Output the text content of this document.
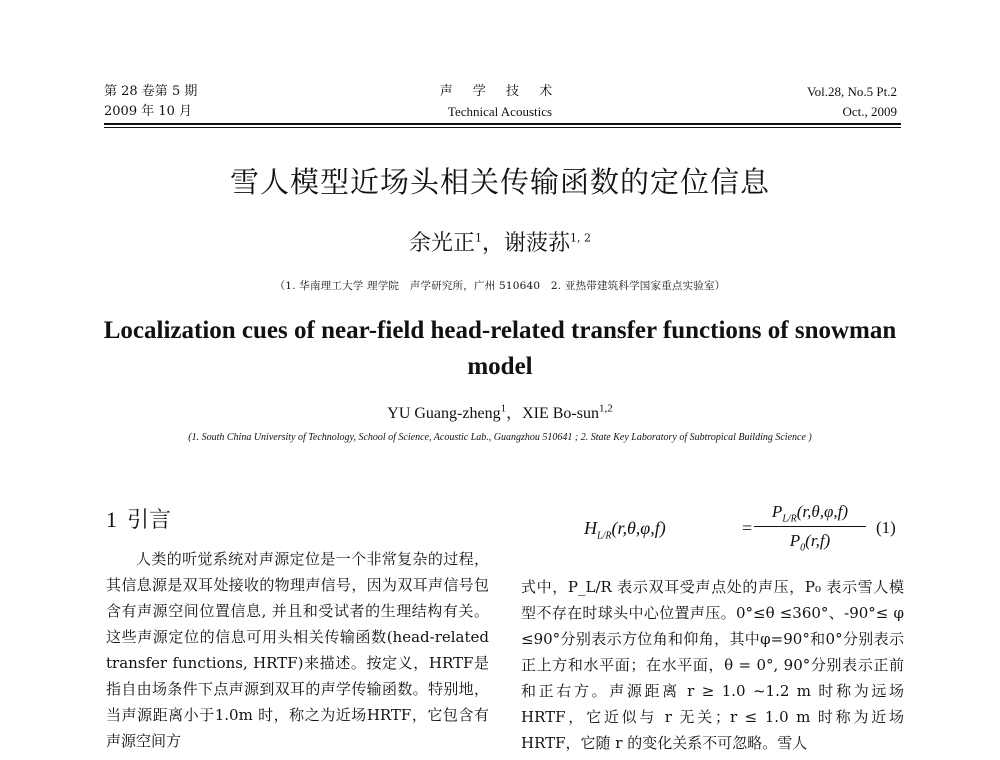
第 28 卷第 5 期
2009 年 10 月
声 学 技 术
Technical Acoustics
Vol.28, No.5 Pt.2
Oct., 2009
雪人模型近场头相关传输函数的定位信息
余光正$^1$，谢菠荪$^{1, 2}$
（1. 华南理工大学 理学院　声学研究所，广州 510640　2. 亚热带建筑科学国家重点实验室）
Localization cues of near-field head-related transfer functions of snowman model
YU Guang-zheng$^1$，XIE Bo-sun$^{1,2}$
(1. South China University of Technology, School of Science, Acoustic Lab., Guangzhou 510641 ; 2. State Key Laboratory of Subtropical Building Science )
1 引言

人类的听觉系统对声源定位是一个非常复杂的过程，其信息源是双耳处接收的物理声信号，因为双耳声信号包含有声源空间位置信息, 并且和受试者的生理结构有关。这些声源定位的信息可用头相关传输函数(head-related transfer functions, HRTF)来描述。按定义，HRTF是指自由场条件下点声源到双耳的声学传输函数。特别地，当声源距离小于1.0m 时，称之为近场HRTF，它包含有声源空间方

$H_{L/R}(r,\theta,\varphi,f)$	=
$P_{L/R}(r,\theta,\varphi,f)$
$P_0(r,f)$
(1)

式中，P_L/R 表示双耳受声点处的声压，P₀ 表示雪人模型不存在时球头中心位置声压。0°≤θ ≤360°、-90°≤ φ ≤90°分别表示方位角和仰角，其中φ=90°和0°分别表示正上方和水平面；在水平面，θ = 0°, 90°分别表示正前和正右方。声源距离 r ≥ 1.0 ~1.2 m 时称为远场 HRTF，它近似与 r 无关；r ≤ 1.0 m 时称为近场 HRTF，它随 r 的变化关系不可忽略。雪人
